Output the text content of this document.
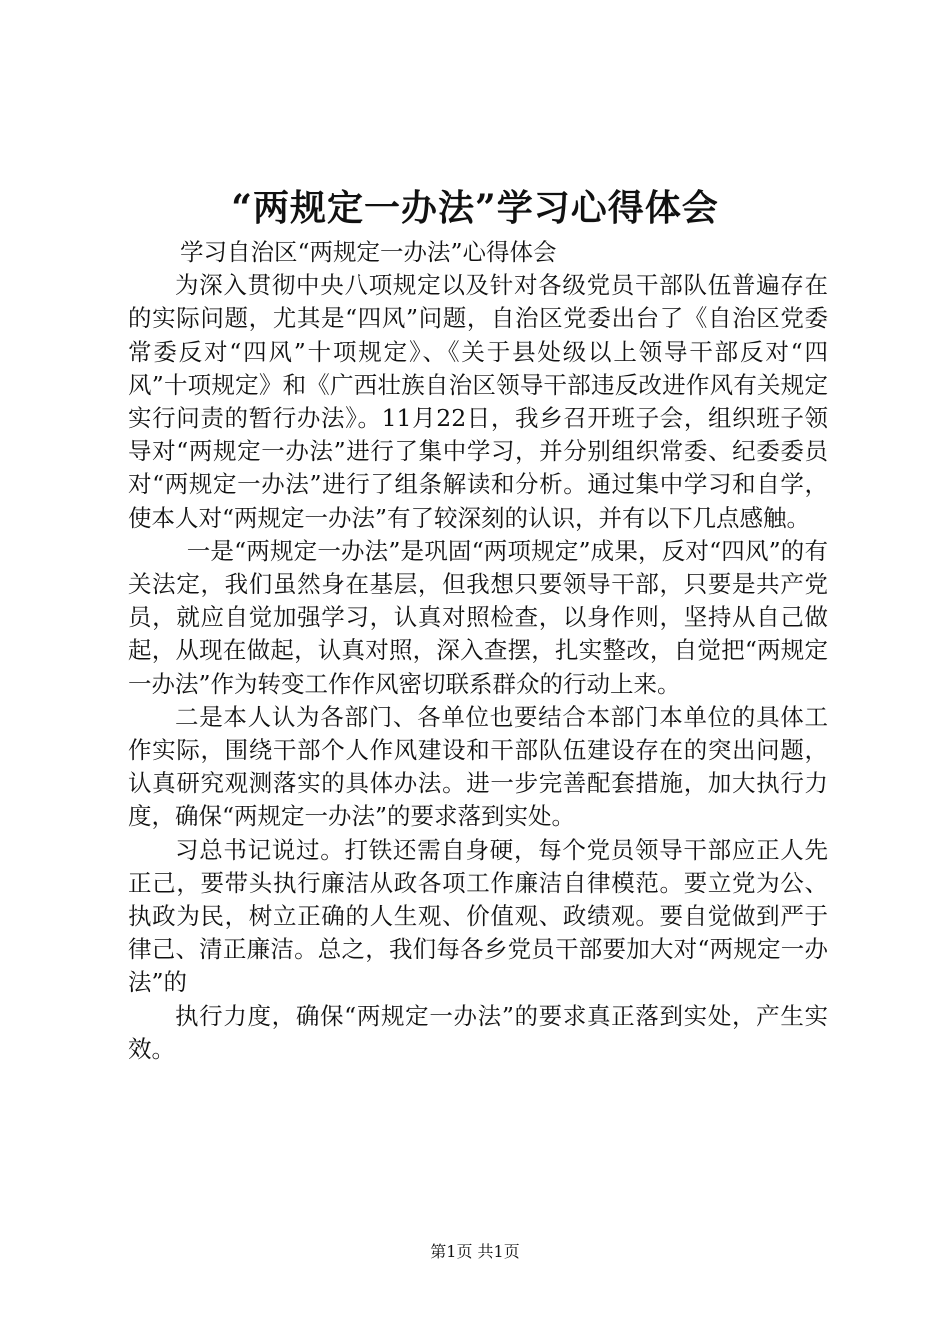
“两规定一办法”学习心得体会

学习自治区“两规定一办法”心得体会

为深入贯彻中央八项规定以及针对各级党员干部队伍普遍存在的实际问题，尤其是“四风”问题，自治区党委出台了《自治区党委常委反对“四风”十项规定》、《关于县处级以上领导干部反对“四风”十项规定》和《广西壮族自治区领导干部违反改进作风有关规定实行问责的暂行办法》。11月22日，我乡召开班子会，组织班子领导对“两规定一办法”进行了集中学习，并分别组织常委、纪委委员对“两规定一办法”进行了组条解读和分析。通过集中学习和自学，使本人对“两规定一办法”有了较深刻的认识，并有以下几点感触。

一是“两规定一办法”是巩固“两项规定”成果，反对“四风”的有关法定，我们虽然身在基层，但我想只要领导干部，只要是共产党员，就应自觉加强学习，认真对照检查，以身作则，坚持从自己做起，从现在做起，认真对照，深入查摆，扎实整改，自觉把“两规定一办法”作为转变工作作风密切联系群众的行动上来。

二是本人认为各部门、各单位也要结合本部门本单位的具体工作实际，围绕干部个人作风建设和干部队伍建设存在的突出问题，认真研究观测落实的具体办法。进一步完善配套措施，加大执行力度，确保“两规定一办法”的要求落到实处。

习总书记说过。打铁还需自身硬，每个党员领导干部应正人先正己，要带头执行廉洁从政各项工作廉洁自律模范。要立党为公、执政为民，树立正确的人生观、价值观、政绩观。要自觉做到严于律己、清正廉洁。总之，我们每各乡党员干部要加大对“两规定一办法”的

执行力度，确保“两规定一办法”的要求真正落到实处，产生实效。

第1页 共1页
